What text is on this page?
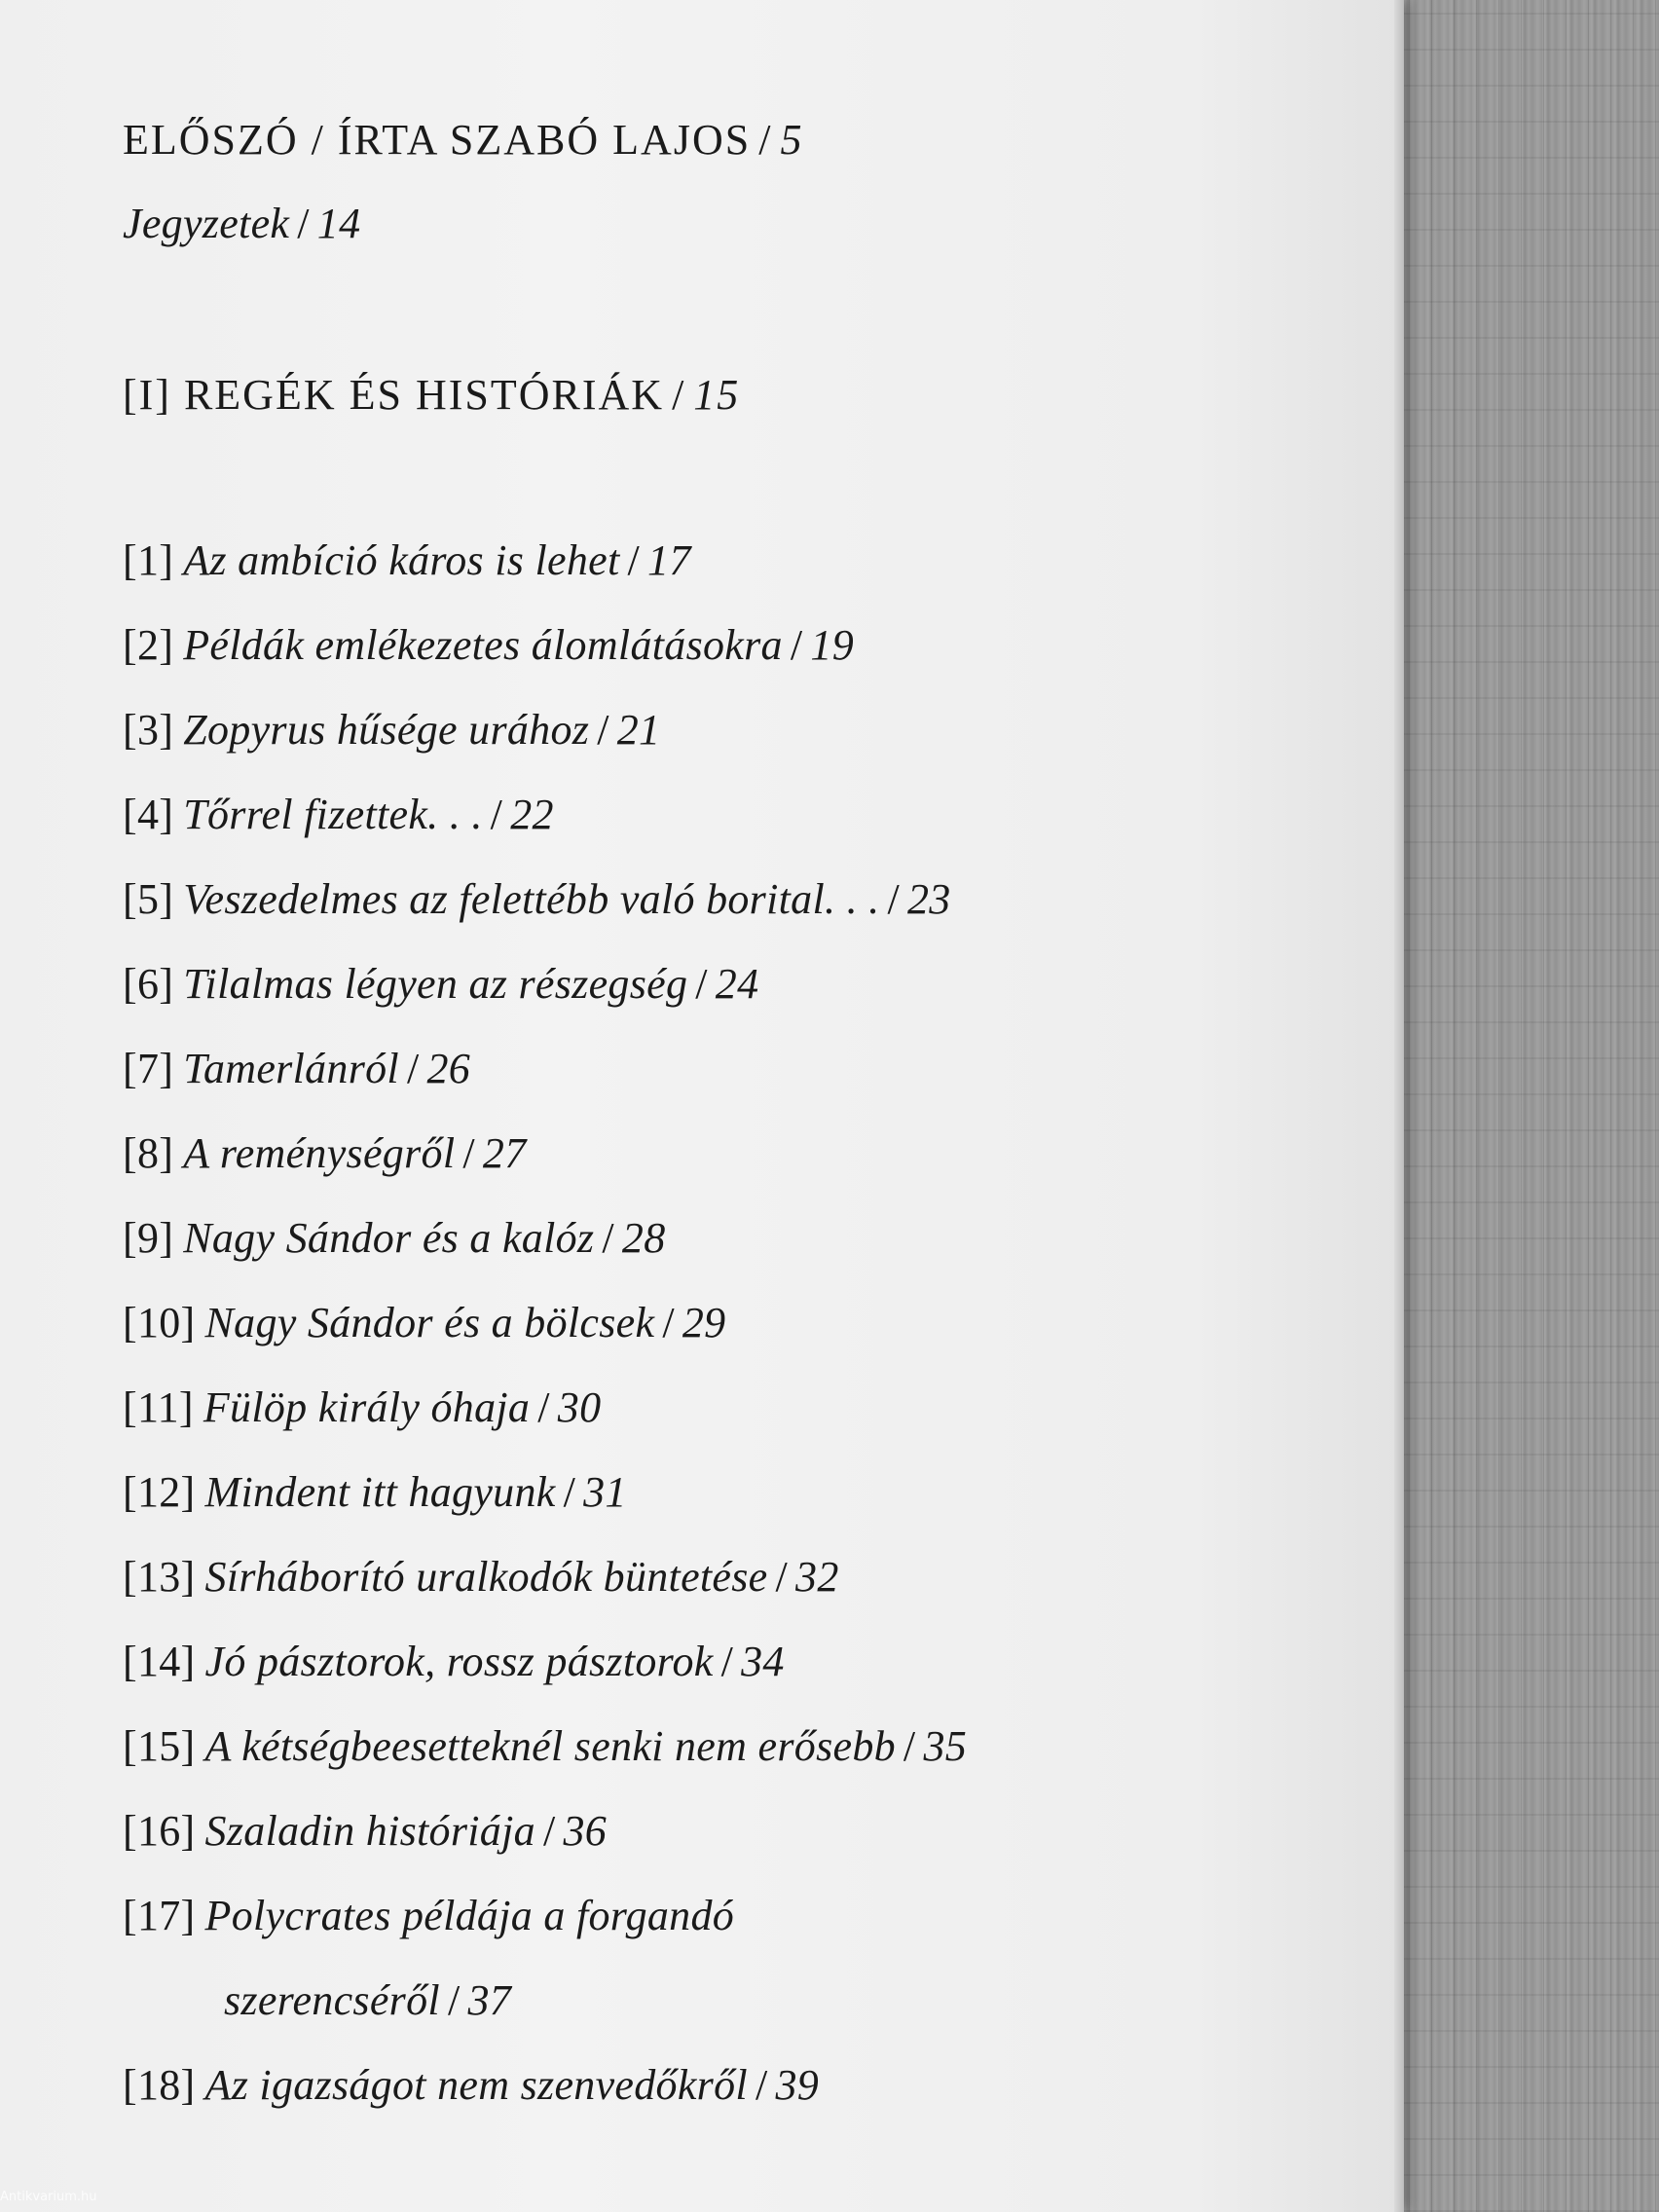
ELŐSZÓ / ÍRTA SZABÓ LAJOS / 5
Jegyzetek / 14
[I] REGÉK ÉS HISTÓRIÁK / 15
[1] Az ambíció káros is lehet / 17
[2] Példák emlékezetes álomlátásokra / 19
[3] Zopyrus hűsége urához / 21
[4] Tőrrel fizettek. . . / 22
[5] Veszedelmes az felettébb való borital. . . / 23
[6] Tilalmas légyen az részegség / 24
[7] Tamerlánról / 26
[8] A reménységről / 27
[9] Nagy Sándor és a kalóz / 28
[10] Nagy Sándor és a bölcsek / 29
[11] Fülöp király óhaja / 30
[12] Mindent itt hagyunk / 31
[13] Sírháborító uralkodók büntetése / 32
[14] Jó pásztorok, rossz pásztorok / 34
[15] A kétségbeesetteknél senki nem erősebb / 35
[16] Szaladin históriája / 36
[17] Polycrates példája a forgandó
szerencséről / 37
[18] Az igazságot nem szenvedőkről / 39
Antikvarium.hu
